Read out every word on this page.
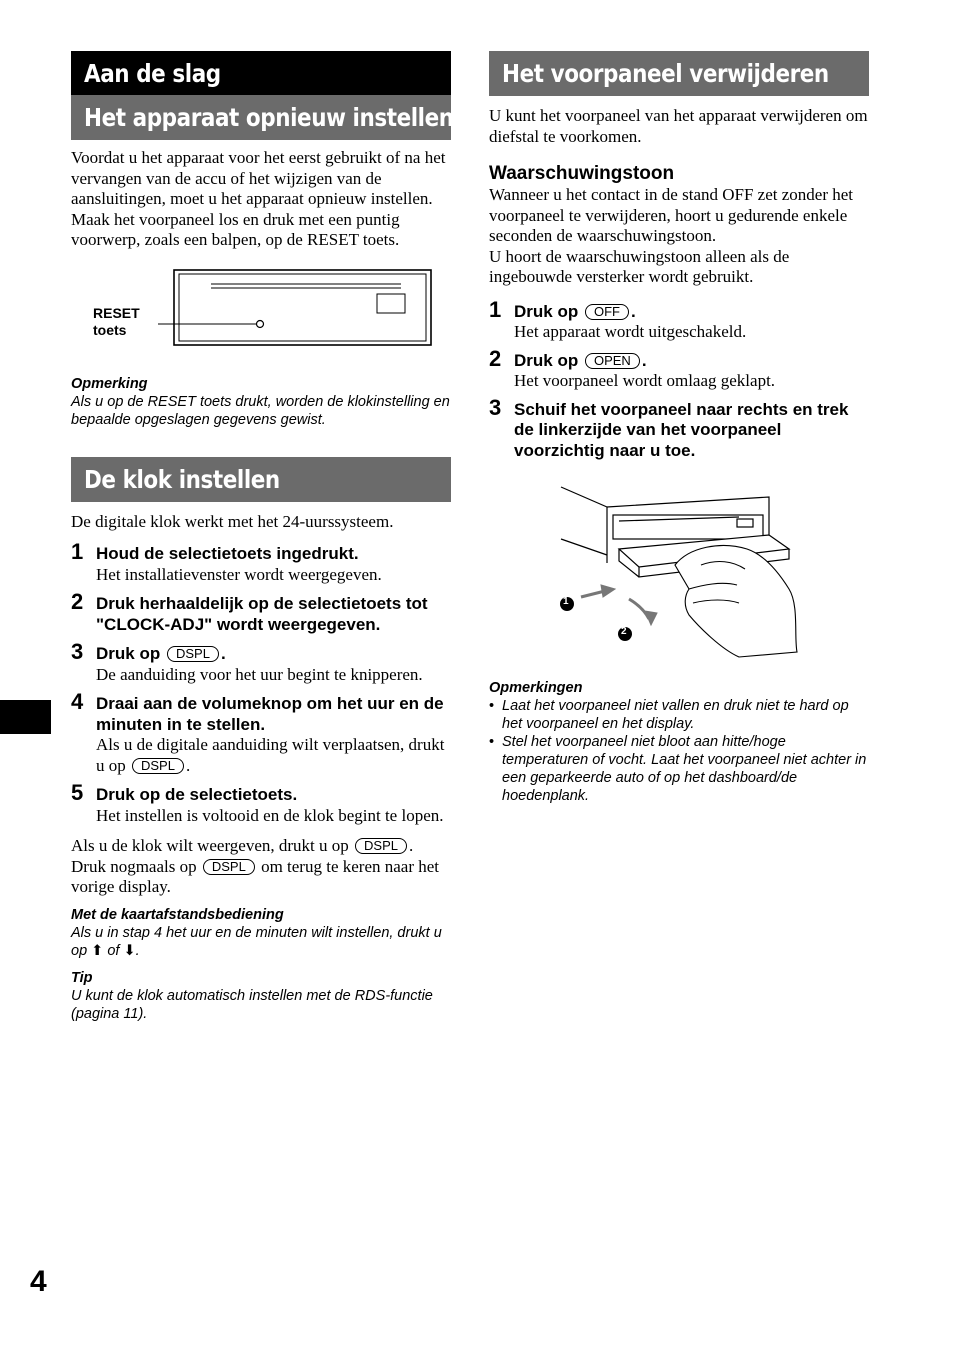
Aan de slag
Het apparaat opnieuw instellen
Voordat u het apparaat voor het eerst gebruikt of na het vervangen van de accu of het wijzigen van de aansluitingen, moet u het apparaat opnieuw instellen.
Maak het voorpaneel los en druk met een puntig voorwerp, zoals een balpen, op de RESET toets.
RESET
toets
Opmerking
Als u op de RESET toets drukt, worden de klokinstelling en bepaalde opgeslagen gegevens gewist.
De klok instellen
De digitale klok werkt met het 24-uurssysteem.
1 Houd de selectietoets ingedrukt.
Het installatievenster wordt weergegeven.
2 Druk herhaaldelijk op de selectietoets tot "CLOCK-ADJ" wordt weergegeven.
3 Druk op DSPL .
De aanduiding voor het uur begint te knipperen.
4 Draai aan de volumeknop om het uur en de minuten in te stellen.
Als u de digitale aanduiding wilt verplaatsen, drukt u op DSPL .
5 Druk op de selectietoets.
Het instellen is voltooid en de klok begint te lopen.
Als u de klok wilt weergeven, drukt u op DSPL . Druk nogmaals op DSPL om terug te keren naar het vorige display.
Met de kaartafstandsbediening
Als u in stap 4 het uur en de minuten wilt instellen, drukt u op ⬆ of ⬇.
Tip
U kunt de klok automatisch instellen met de RDS-functie (pagina 11).
Het voorpaneel verwijderen
U kunt het voorpaneel van het apparaat verwijderen om diefstal te voorkomen.
Waarschuwingstoon
Wanneer u het contact in de stand OFF zet zonder het voorpaneel te verwijderen, hoort u gedurende enkele seconden de waarschuwingstoon.
U hoort de waarschuwingstoon alleen als de ingebouwde versterker wordt gebruikt.
1 Druk op OFF .
Het apparaat wordt uitgeschakeld.
2 Druk op OPEN .
Het voorpaneel wordt omlaag geklapt.
3 Schuif het voorpaneel naar rechts en trek de linkerzijde van het voorpaneel voorzichtig naar u toe.
1
2
Opmerkingen
• Laat het voorpaneel niet vallen en druk niet te hard op het voorpaneel en het display.
• Stel het voorpaneel niet bloot aan hitte/hoge temperaturen of vocht. Laat het voorpaneel niet achter in een geparkeerde auto of op het dashboard/de hoedenplank.
4
